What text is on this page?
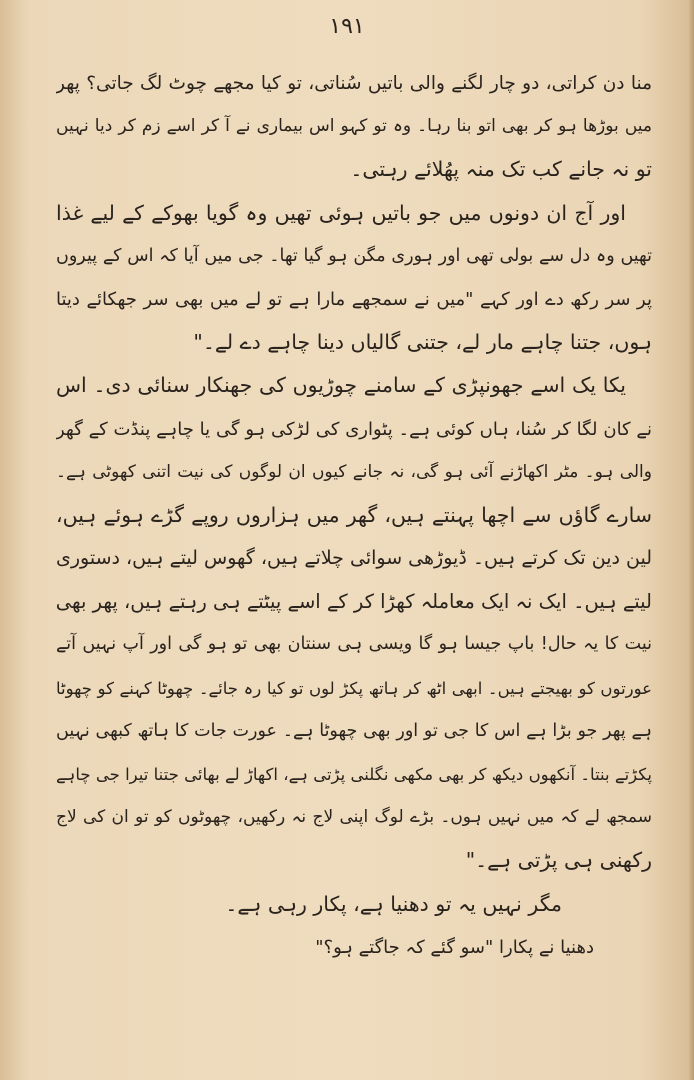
١٩١
منا دن کراتی، دو چار لگنے والی باتیں سُناتی، تو کیا مجھے چوٹ لگ جاتی؟ پھر
میں بوڑھا ہو کر بھی اتو بنا رہا۔ وہ تو کہو اس بیماری نے آ کر اسے زم کر دیا نہیں
تو نہ جانے کب تک منہ پھُلائے رہتی۔
اور آج ان دونوں میں جو باتیں ہوئی تھیں وہ گویا بھوکے کے لیے غذا
تھیں وہ دل سے بولی تھی اور ہوری مگن ہو گیا تھا۔ جی میں آیا کہ اس کے پیروں
پر سر رکھ دے اور کہے "میں نے سمجھے مارا ہے تو لے میں بھی سر جھکائے دیتا
ہوں، جتنا چاہے مار لے، جتنی گالیاں دینا چاہے دے لے۔"
یکا یک اسے جھونپڑی کے سامنے چوڑیوں کی جھنکار سنائی دی۔ اس
نے کان لگا کر سُنا، ہاں کوئی ہے۔ پٹواری کی لڑکی ہو گی یا چاہے پنڈت کے گھر
والی ہو۔ مٹر اکھاڑنے آئی ہو گی، نہ جانے کیوں ان لوگوں کی نیت اتنی کھوٹی ہے۔
سارے گاؤں سے اچھا پہنتے ہیں، گھر میں ہزاروں روپے گڑے ہوئے ہیں،
لین دین تک کرتے ہیں۔ ڈیوڑھی سوائی چلاتے ہیں، گھوس لیتے ہیں، دستوری
لیتے ہیں۔ ایک نہ ایک معاملہ کھڑا کر کے اسے پیٹتے ہی رہتے ہیں، پھر بھی
نیت کا یہ حال! باپ جیسا ہو گا ویسی ہی سنتان بھی تو ہو گی اور آپ نہیں آتے
عورتوں کو بھیجتے ہیں۔ ابھی اٹھ کر ہاتھ پکڑ لوں تو کیا رہ جائے۔ چھوٹا کہنے کو چھوٹا
ہے پھر جو بڑا ہے اس کا جی تو اور بھی چھوٹا ہے۔ عورت جات کا ہاتھ کبھی نہیں
پکڑتے بنتا۔ آنکھوں دیکھ کر بھی مکھی نگلنی پڑتی ہے، اکھاڑ لے بھائی جتنا تیرا جی چاہے
سمجھ لے کہ میں نہیں ہوں۔ بڑے لوگ اپنی لاج نہ رکھیں، چھوٹوں کو تو ان کی لاج
رکھنی ہی پڑتی ہے۔"
مگر نہیں یہ تو دھنیا ہے، پکار رہی ہے۔
دھنیا نے پکارا "سو گئے کہ جاگتے ہو؟"
